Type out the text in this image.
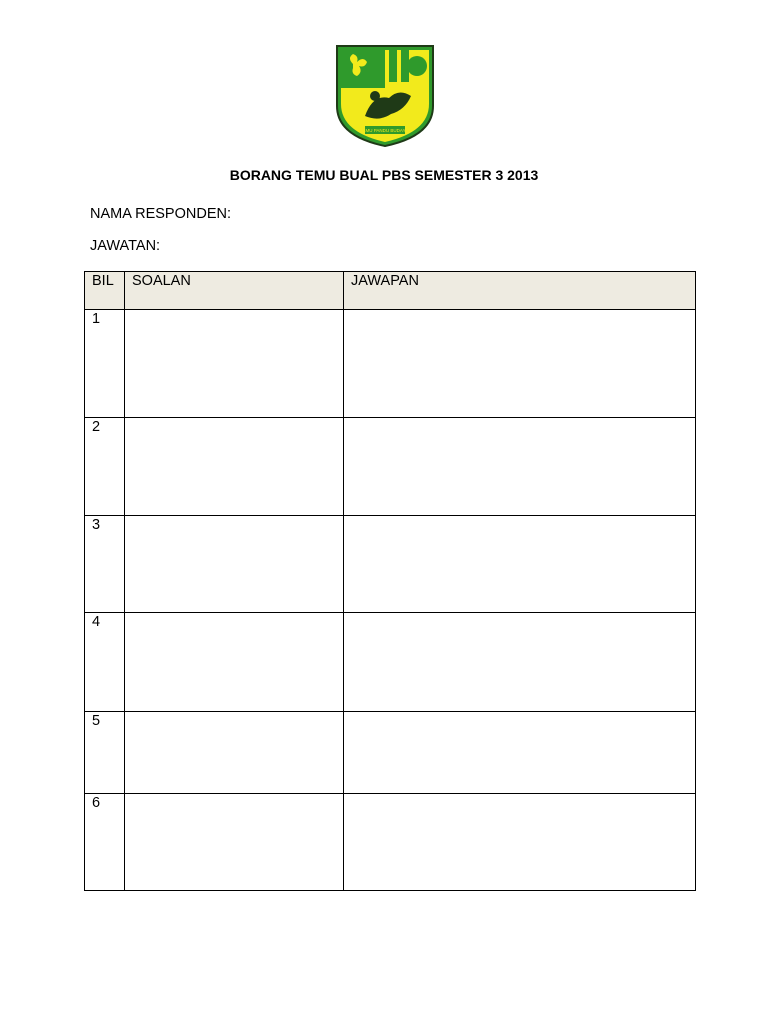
ILMU PANDU BUDAYA
BORANG TEMU BUAL PBS SEMESTER 3 2013
NAMA RESPONDEN:
JAWATAN:
BIL	SOALAN	JAWAPAN

1		

2		

3		

4		

5		

6		
